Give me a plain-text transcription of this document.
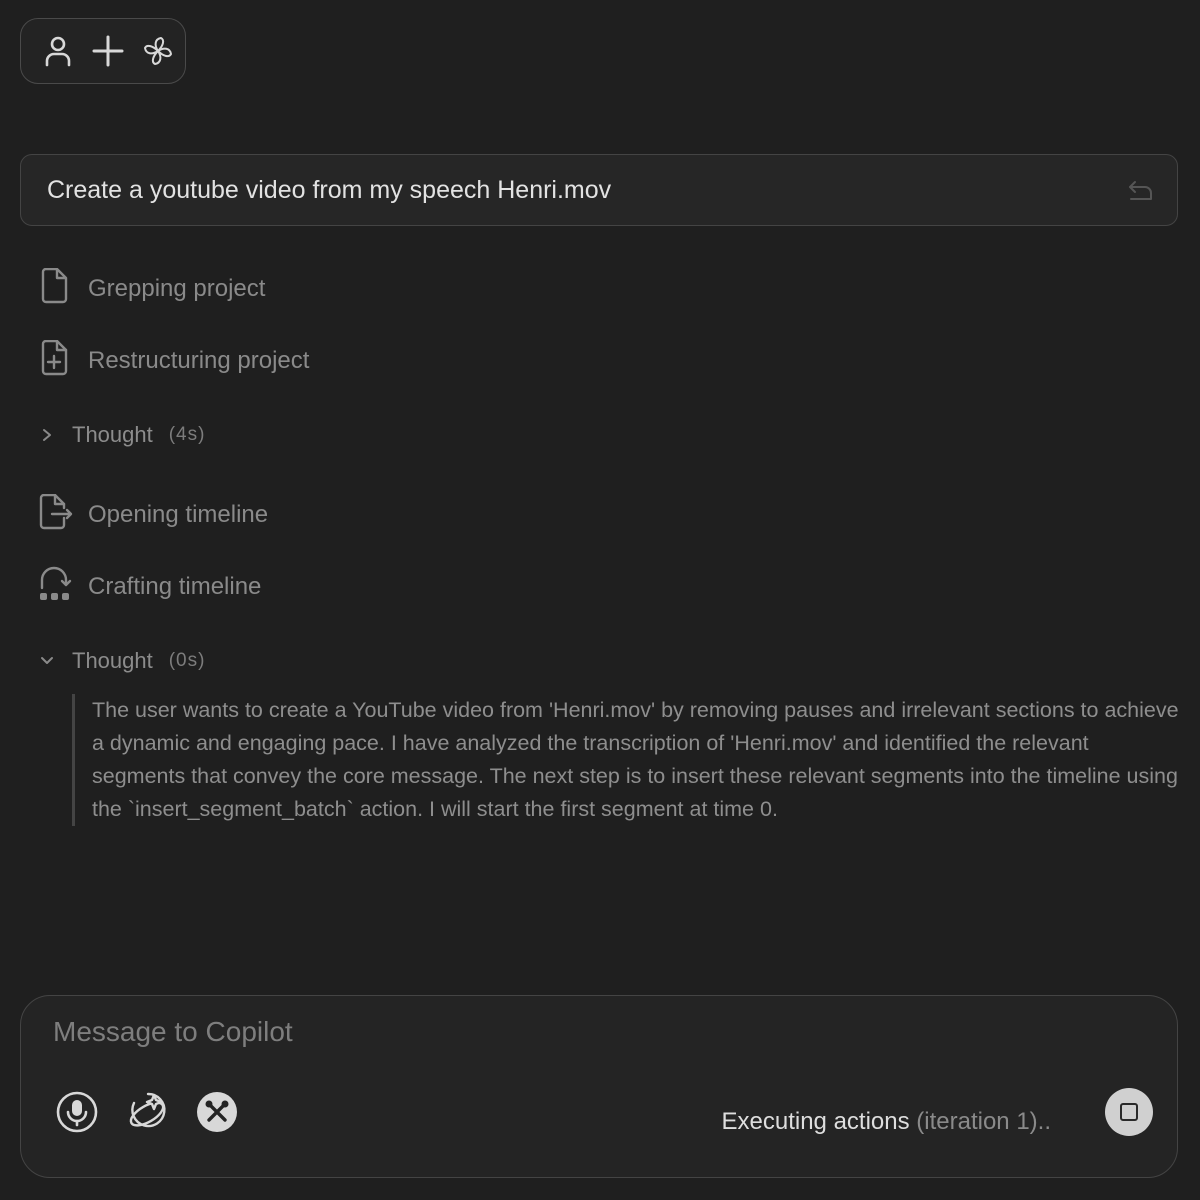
Create a youtube video from my speech Henri.mov
Grepping project
Restructuring project
Thought (4s)
Opening timeline
Crafting timeline
Thought (0s)
The user wants to create a YouTube video from 'Henri.mov' by removing pauses and irrelevant sections to achieve a dynamic and engaging pace. I have analyzed the transcription of 'Henri.mov' and identified the relevant segments that convey the core message. The next step is to insert these relevant segments into the timeline using the `insert_segment_batch` action. I will start the first segment at time 0.
Message to Copilot
Executing actions (iteration 1)..
